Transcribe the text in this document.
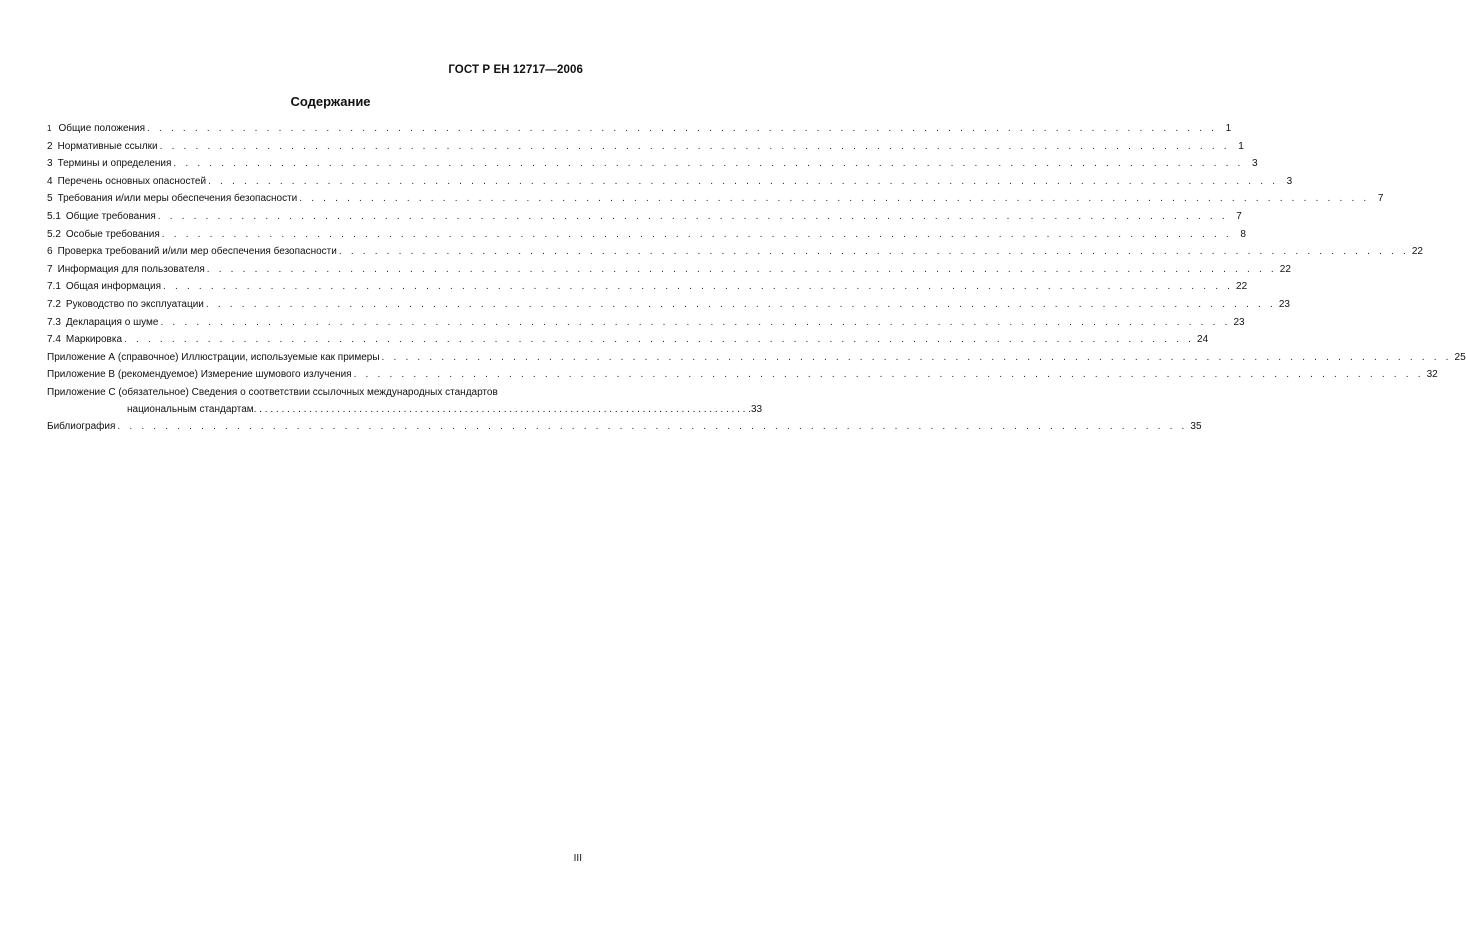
ГОСТ Р ЕН 12717—2006
Содержание
1 Общие положения . . . . . . . . . . . . . . . . . . . . . . . . . . . . . . . . . . . . . . . . . . . . . . . . . . . . . . . . . . . . . . . . . . . . . . . . . . . . . . . . . . . . . . . . . . 1
2 Нормативные ссылки . . . . . . . . . . . . . . . . . . . . . . . . . . . . . . . . . . . . . . . . . . . . . . . . . . . . . . . . . . . . . . . . . . . . . . . . . . . . . . . . . . . . . . . . . . 1
3 Термины и определения . . . . . . . . . . . . . . . . . . . . . . . . . . . . . . . . . . . . . . . . . . . . . . . . . . . . . . . . . . . . . . . . . . . . . . . . . . . . . . . . . . . . . . . . . . 3
4 Перечень основных опасностей . . . . . . . . . . . . . . . . . . . . . . . . . . . . . . . . . . . . . . . . . . . . . . . . . . . . . . . . . . . . . . . . . . . . . . . . . . . . . . . . . . . . . . . . . . 3
5 Требования и/или меры обеспечения безопасности . . . . . . . . . . . . . . . . . . . . . . . . . . . . . . . . . . . . . . . . . . . . . . . . . . . . . . . . . . . . . . . . . . . . . . . . . . . . . . . . . . . . . . . . . . 7
5.1 Общие требования . . . . . . . . . . . . . . . . . . . . . . . . . . . . . . . . . . . . . . . . . . . . . . . . . . . . . . . . . . . . . . . . . . . . . . . . . . . . . . . . . . . . . . . . . . 7
5.2 Особые требования . . . . . . . . . . . . . . . . . . . . . . . . . . . . . . . . . . . . . . . . . . . . . . . . . . . . . . . . . . . . . . . . . . . . . . . . . . . . . . . . . . . . . . . . . . 8
6 Проверка требований и/или мер обеспечения безопасности . . . . . . . . . . . . . . . . . . . . . . . . . . . . . . . . . . . . . . . . . . . . . . . . . . . . . . . . . . . . . . . . . . . . . . . . . . . . . . . . . . . . . . . . . . 22
7 Информация для пользователя . . . . . . . . . . . . . . . . . . . . . . . . . . . . . . . . . . . . . . . . . . . . . . . . . . . . . . . . . . . . . . . . . . . . . . . . . . . . . . . . . . . . . . . . . . 22
7.1 Общая информация . . . . . . . . . . . . . . . . . . . . . . . . . . . . . . . . . . . . . . . . . . . . . . . . . . . . . . . . . . . . . . . . . . . . . . . . . . . . . . . . . . . . . . . . . . 22
7.2 Руководство по эксплуатации . . . . . . . . . . . . . . . . . . . . . . . . . . . . . . . . . . . . . . . . . . . . . . . . . . . . . . . . . . . . . . . . . . . . . . . . . . . . . . . . . . . . . . . . . . 23
7.3 Декларация о шуме . . . . . . . . . . . . . . . . . . . . . . . . . . . . . . . . . . . . . . . . . . . . . . . . . . . . . . . . . . . . . . . . . . . . . . . . . . . . . . . . . . . . . . . . . . 23
7.4 Маркировка . . . . . . . . . . . . . . . . . . . . . . . . . . . . . . . . . . . . . . . . . . . . . . . . . . . . . . . . . . . . . . . . . . . . . . . . . . . . . . . . . . . . . . . . . . 24
Приложение А (справочное) Иллюстрации, используемые как примеры . . . . . . . . . . . . . . . . . . . . . . . . . . . . . . . . . . . . . . . . . . . . . . . . . . . . . . . . . . . . . . . . . . . . . . . . . . . . . . . . . . . . . . . . . . 25
Приложение В (рекомендуемое) Измерение шумового излучения . . . . . . . . . . . . . . . . . . . . . . . . . . . . . . . . . . . . . . . . . . . . . . . . . . . . . . . . . . . . . . . . . . . . . . . . . . . . . . . . . . . . . . . . . . 32
Приложение С (обязательное) Сведения о соответствии ссылочных международных стандартов
национальным стандартам . . . . . . . . . . . . . . . . . . . . . . . . . . . . . . . . . . . . . . . . . . . . . . . . . . . . . . . . . . . . . . . . . . . . . . . . . . . . . . . . . . . . . . . . . . 33
Библиография . . . . . . . . . . . . . . . . . . . . . . . . . . . . . . . . . . . . . . . . . . . . . . . . . . . . . . . . . . . . . . . . . . . . . . . . . . . . . . . . . . . . . . . . . . 35
III
